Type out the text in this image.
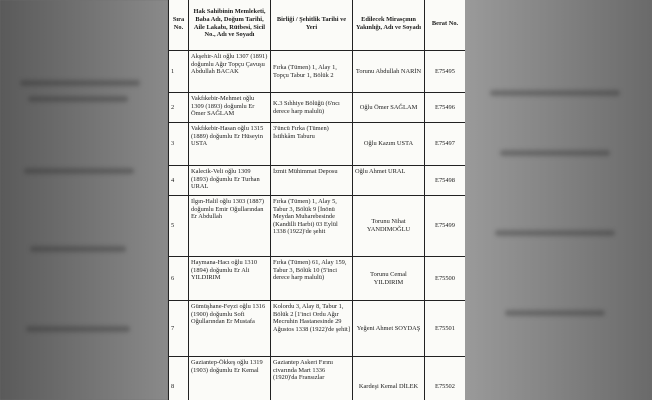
Sıra No.	Hak Sahibinin Memleketi, Baba Adı, Doğum Tarihi, Aile Lakabı, Rütbesi, Sicil No., Adı ve Soyadı	Birliği / Şehitlik Tarihi ve Yeri	Edilecek Mirasçının Yakınlığı, Adı ve Soyadı	Berat No.
1	Akşehir-Ali oğlu 1307 (1891) doğumlu Ağır Topçu Çavuşu Abdullah BACAK	Fırka (Tümen) 1, Alay 1, Topçu Tabur 1, Bölük 2	Torunu Abdullah NARİN	E75495
2	Vakfıkebir-Mehmet oğlu 1309 (1893) doğumlu Er Ömer SAĞLAM	K.3 Sıhhiye Bölüğü (6'ncı derece harp malulü)	Oğlu Ömer SAĞLAM	E75496
3	Vakfıkebir-Hasan oğlu 1315 (1889) doğumlu Er Hüseyin USTA	3'üncü Fırka (Tümen) İstihkâm Taburu	Oğlu Kazım USTA	E75497
4	Kalecik-Veli oğlu 1309 (1893) doğumlu Er Turhan URAL	İzmit Mühimmat Deposu	Oğlu Ahmet URAL	E75498
5	Ilgın-Halil oğlu 1303 (1887) doğumlu Emir Oğullarından Er Abdullah	Fırka (Tümen) 1, Alay 5, Tabur 3, Bölük 9 [İnönü Meydan Muharebesinde (Kandilli Harbi) 03 Eylül 1338 (1922)'de şehit	Torunu Nihat YANDIMOĞLU	E75499
6	Haymana-Hacı oğlu 1310 (1894) doğumlu Er Ali YILDIRIM	Fırka (Tümen) 61, Alay 159, Tabur 3, Bölük 10 (5'inci derece harp malulü)	Torunu Cemal YILDIRIM	E75500
7	Gümüşhane-Feyzi oğlu 1316 (1900) doğumlu Sofi Oğullarından Er Mustafa	Kolordu 3, Alay 8, Tabur 1, Bölük 2 [1'inci Ordu Ağır Mecruhin Hastanesinde 29 Ağustos 1338 (1922)'de şehit]	Yeğeni Ahmet SOYDAŞ	E75501
8	Gaziantep-Ökkeş oğlu 1319 (1903) doğumlu Er Kemal	Gaziantep Askeri Fırını civarında Mart 1336 (1920)'da Fransızlar	Kardeşi Kemal DİLEK	E75502
